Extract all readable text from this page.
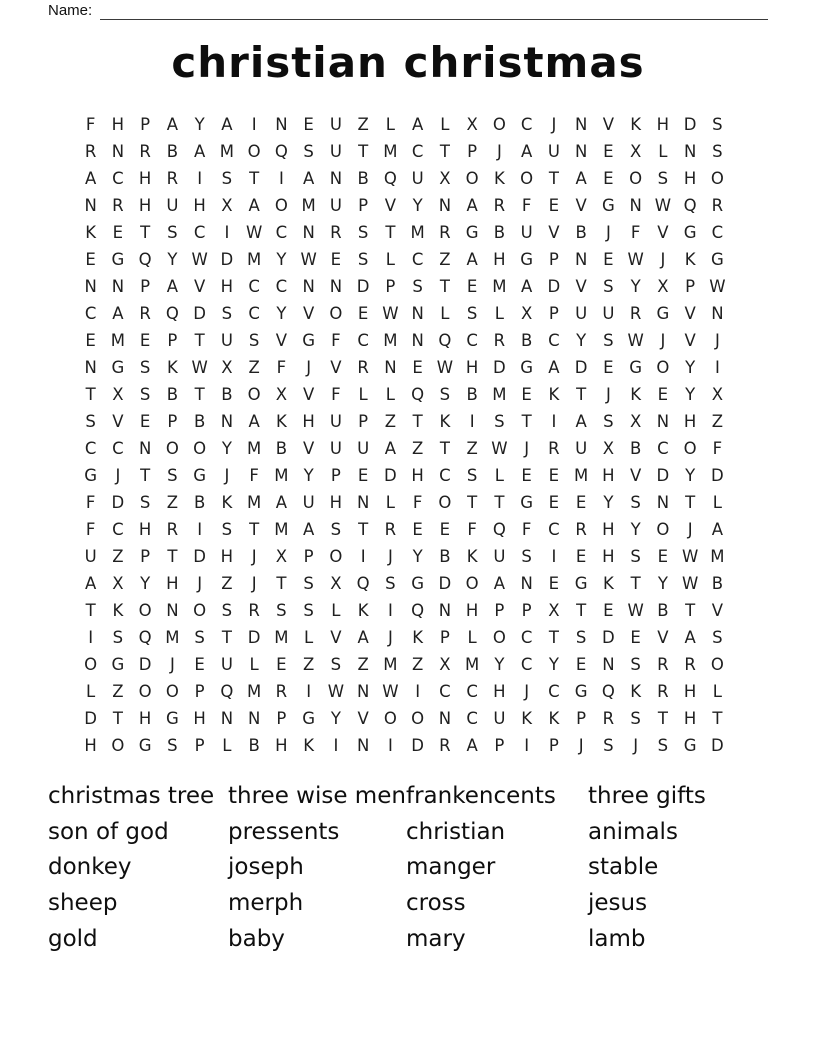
Name:
christian christmas
F H P	A	Y	A	I	N E U Z	L	A	L	X O C	J	N V K H D S
R N R B A M O Q S U T M C T	P	J	A U N E X	L N S
A C H R	I	S	T	I	A N B Q U X O K O T	A E O S H O
N R H U H X A O M U P	V	Y N A R	F	E V G N W Q R
K	E	T	S C	I	W C N R S	T M R G B U V B	J	F	V G C
E G Q Y W D M Y W E	S	L	C Z A H G P N E W	J	K G
N N P	A V H C C N N D P	S	T	E M A D V S	Y	X	P W
C A R Q D S C Y	V O E W N L	S	L	X	P U U R G V N
E M E	P	T U S V G F	C M N Q C R B C Y	S W	J	V	J
N G S	K W X Z	F	J	V R N E W H D G A D E G O Y	I
T	X S B	T	B O X V	F	L	L Q S B M E	K	T	J	K	E	Y	X
S V E	P	B N A K H U P	Z	T	K	I	S	T	I	A S X N H Z
C C N O O Y M B V U U A Z	T	Z W	J	R U X B C O F
G	J	T	S G	J	F M Y	P	E D H C S	L	E	E M H V D Y D
F D S Z B K M A U H N L	F O T	T G E	E	Y	S N T	L
F	C H R	I	S	T M A S	T R E	E	F Q F	C R H Y O	J	A
U Z	P	T D H	J	X	P O	I	J	Y	B K U S	I	E H S	E W M
A X	Y H	J	Z	J	T	S X Q S G D O A N E G K	T	Y W B
T	K O N O S R S	S	L	K	I	Q N H P	P	X	T	E W B	T	V
I	S Q M S	T D M L	V A	J	K	P	L O C T	S D E V A S
O G D	J	E U	L	E Z S Z M Z X M Y C Y	E N S R R O
L	Z O O P Q M R	I	W N W	I	C C H	J	C G Q K R H L
D T H G H N N P G Y	V O O N C U K K	P	R S	T H T
H O G S	P	L	B H K	I	N	I	D R A	P	I	P	J	S	J	S G D
christmas tree
son of god
donkey
sheep
gold
three wise men
pressents
joseph
merph
baby
frankencents
christian
manger
cross
mary
three gifts
animals
stable
jesus
lamb
